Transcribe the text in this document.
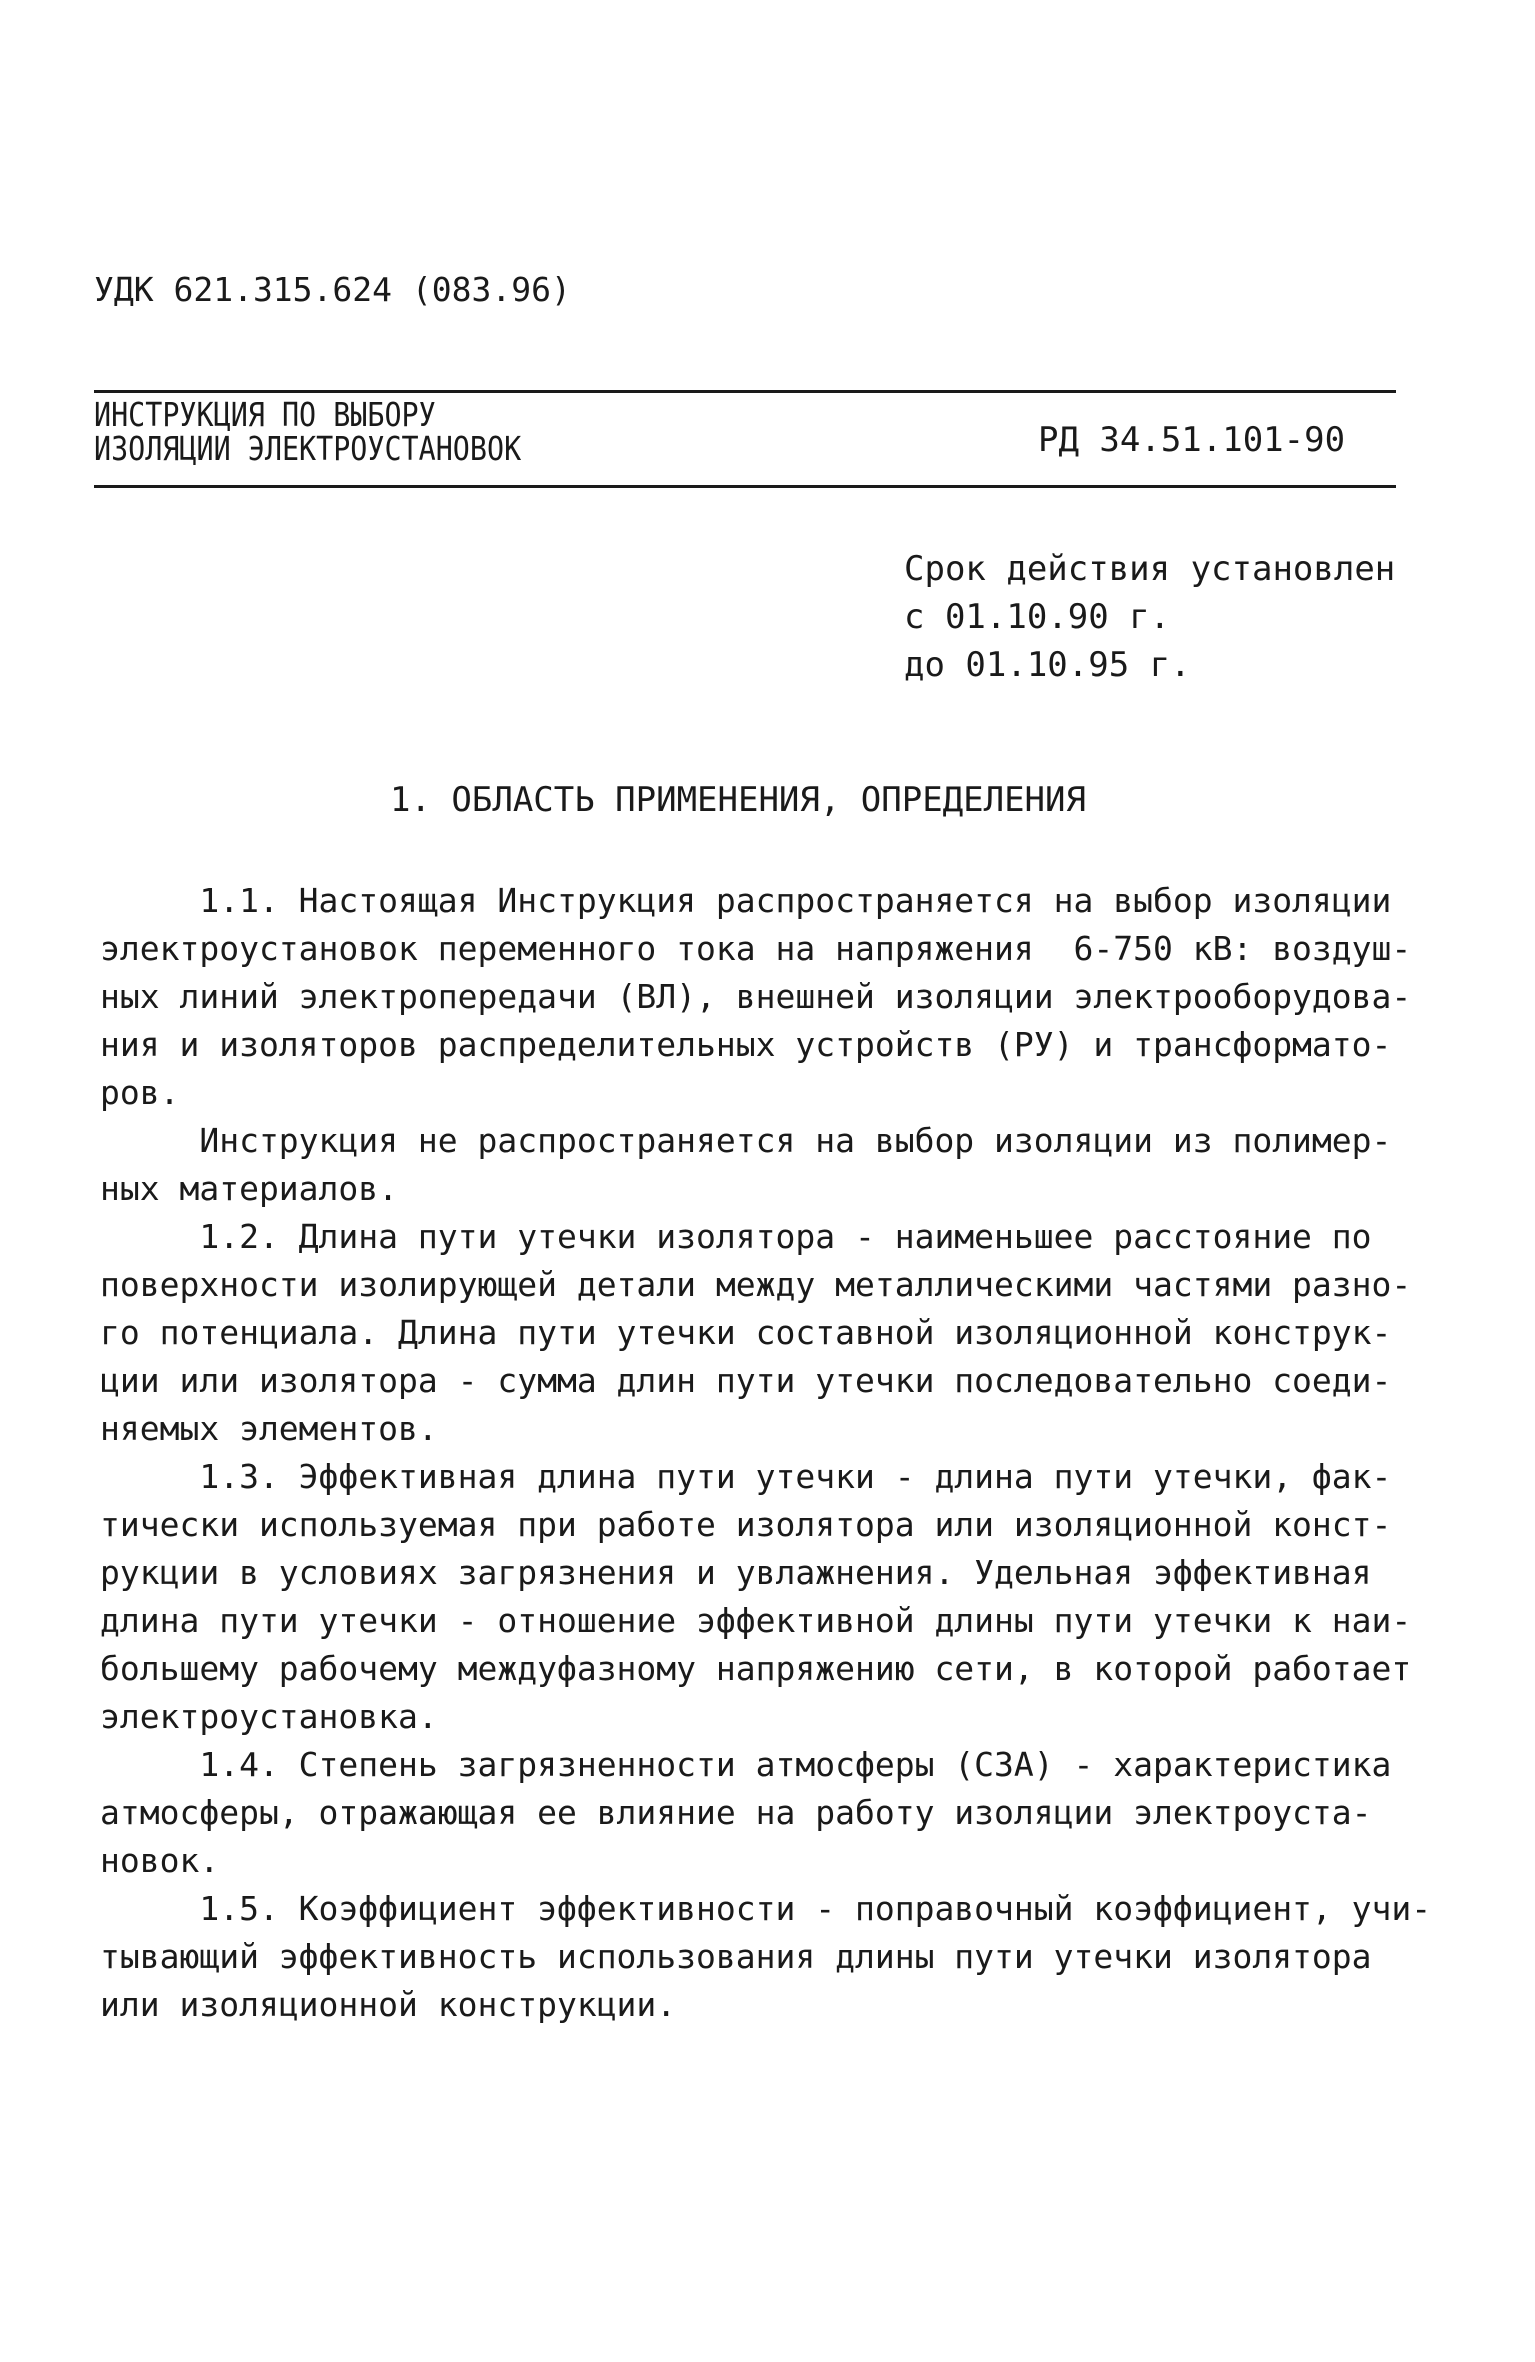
УДК 621.315.624 (083.96)
ИНСТРУКЦИЯ ПО ВЫБОРУ
ИЗОЛЯЦИИ ЭЛЕКТРОУСТАНОВОК	РД 34.51.101-90
Срок действия установлен
с 01.10.90 г.
до 01.10.95 г.
1. ОБЛАСТЬ ПРИМЕНЕНИЯ, ОПРЕДЕЛЕНИЯ
1.1. Настоящая Инструкция распространяется на выбор изоляции
электроустановок переменного тока на напряжения  6-750 кВ: воздуш-
ных линий электропередачи (ВЛ), внешней изоляции электрооборудова-
ния и изоляторов распределительных устройств (РУ) и трансформато-
ров.
Инструкция не распространяется на выбор изоляции из полимер-
ных материалов.
1.2. Длина пути утечки изолятора - наименьшее расстояние по
поверхности изолирующей детали между металлическими частями разно-
го потенциала. Длина пути утечки составной изоляционной конструк-
ции или изолятора - сумма длин пути утечки последовательно соеди-
няемых элементов.
1.3. Эффективная длина пути утечки - длина пути утечки, фак-
тически используемая при работе изолятора или изоляционной конст-
рукции в условиях загрязнения и увлажнения. Удельная эффективная
длина пути утечки - отношение эффективной длины пути утечки к наи-
большему рабочему междуфазному напряжению сети, в которой работает
электроустановка.
1.4. Степень загрязненности атмосферы (СЗА) - характеристика
атмосферы, отражающая ее влияние на работу изоляции электроуста-
новок.
1.5. Коэффициент эффективности - поправочный коэффициент, учи-
тывающий эффективность использования длины пути утечки изолятора
или изоляционной конструкции.
